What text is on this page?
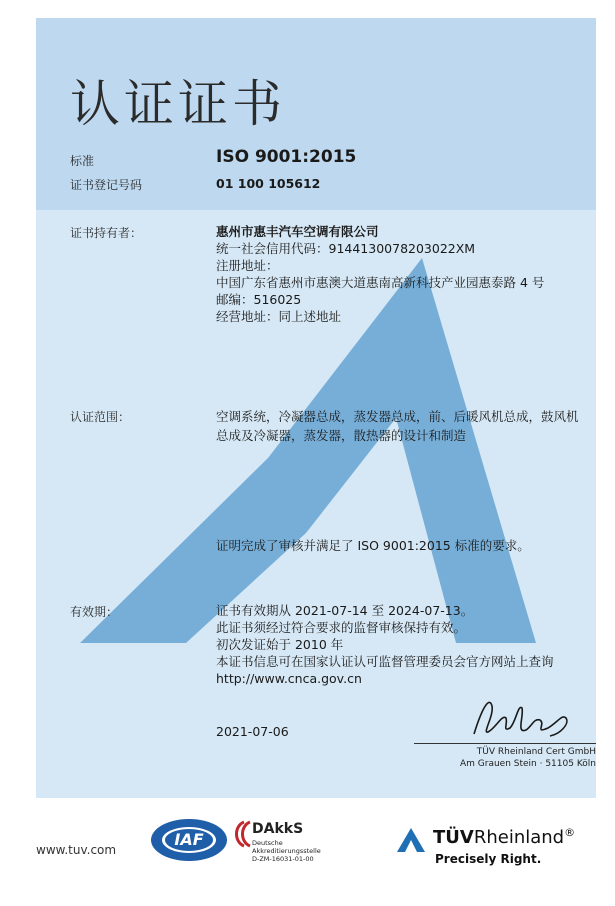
认证证书
标准	ISO 9001:2015
证书登记号码	01 100 105612
证书持有者：	惠州市惠丰汽车空调有限公司
统一社会信用代码：9144130078203022XM
注册地址：
中国广东省惠州市惠澳大道惠南高新科技产业园惠泰路 4 号
邮编：516025
经营地址：同上述地址
认证范围：	空调系统，冷凝器总成，蒸发器总成，前、后暖风机总成，鼓风机
总成及冷凝器，蒸发器，散热器的设计和制造
证明完成了审核并满足了 ISO 9001:2015 标准的要求。
有效期：	证书有效期从 2021-07-14 至 2024-07-13。
此证书须经过符合要求的监督审核保持有效。
初次发证始于 2010 年
本证书信息可在国家认证认可监督管理委员会官方网站上查询
http://www.cnca.gov.cn
2021-07-06
TÜV Rheinland Cert GmbH
Am Grauen Stein · 51105 Köln
www.tuv.com
IAF
DAkkS
Deutsche
Akkreditierungsstelle
D-ZM-16031-01-00
TÜVRheinland®
Precisely Right.
